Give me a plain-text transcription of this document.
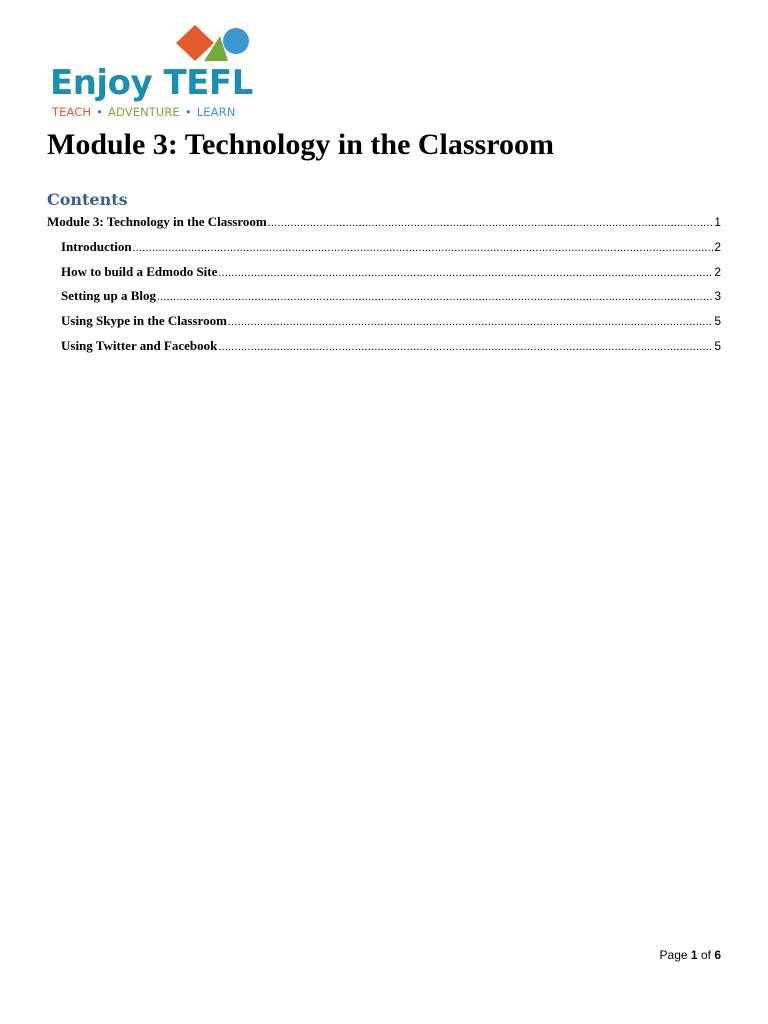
Enjoy TEFL
TEACH • ADVENTURE • LEARN
Module 3: Technology in the Classroom
Contents
Module 3: Technology in the Classroom .....	1
Introduction .....	2
How to build a Edmodo Site .....	2
Setting up a Blog .....	3
Using Skype in the Classroom .....	5
Using Twitter and Facebook .....	5
Page 1 of 6
